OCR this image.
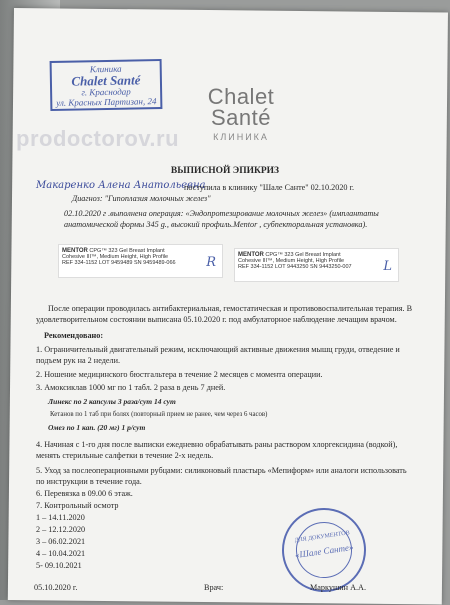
Клиника
Chalet Santé
г. Краснодар
ул. Красных Партизан, 24	Chalet
Santé
КЛИНИКА
prodoctorov.ru
ВЫПИСНОЙ ЭПИКРИЗ
Макаренко Алена Анатольевна
поступила в клинику "Шале Санте" 02.10.2020 г.
Диагноз: "Гипоплазия молочных желез"
02.10.2020 г .выполнена операция: «Эндопротезирование молочных желез» (имплантаты анатомической формы 345 g., высокий профиль.Mentor , субпекторальная установка).
MENTOR CPG™ 323 Gel Breast Implant
Cohesive III™, Medium Height, High Profile
REF 334-1152 LOT 9459489 SN 9459489-066	R	MENTOR CPG™ 323 Gel Breast Implant
Cohesive III™, Medium Height, High Profile
REF 334-1152 LOT 9443250 SN 9443250-007	L
После операции проводилась антибактериальная, гемостатическая и противовоспалительная терапия. В удовлетворительном состоянии выписана 05.10.2020 г. под амбулаторное наблюдение лечащим врачом.
Рекомендовано:
1. Ограничительный двигательный режим, исключающий активные движения мышц груди, отведение и подъем рук на 2 недели.
2. Ношение медицинского бюстгальтера в течение 2 месяцев с момента операции.
3. Амоксиклав 1000 мг по 1 табл. 2 раза в день 7 дней.
Линекс по 2 капсулы 3 раза/сут 14 сут
Кетанов по 1 таб при болях (повторный прием не ранее, чем через 6 часов)
Омез по 1 кап. (20 мг) 1 р/сут
4. Начиная с 1-го дня после выписки ежедневно обрабатывать раны раствором хлоргексидина (водкой), менять стерильные салфетки в течение 2-х недель.
5. Уход за послеоперационными рубцами: силиконовый пластырь «Мепиформ» или аналоги использовать по инструкции в течение года.
6. Перевязка в 09.00 6 этаж.
7. Контрольный осмотр
1 – 14.11.2020
2 – 12.12.2020
3 – 06.02.2021
4 – 10.04.2021
5- 09.10.2021
ДЛЯ ДОКУМЕНТОВ
«Шале Санте»
05.10.2020 г.	Врач:	Маркушин А.А.
